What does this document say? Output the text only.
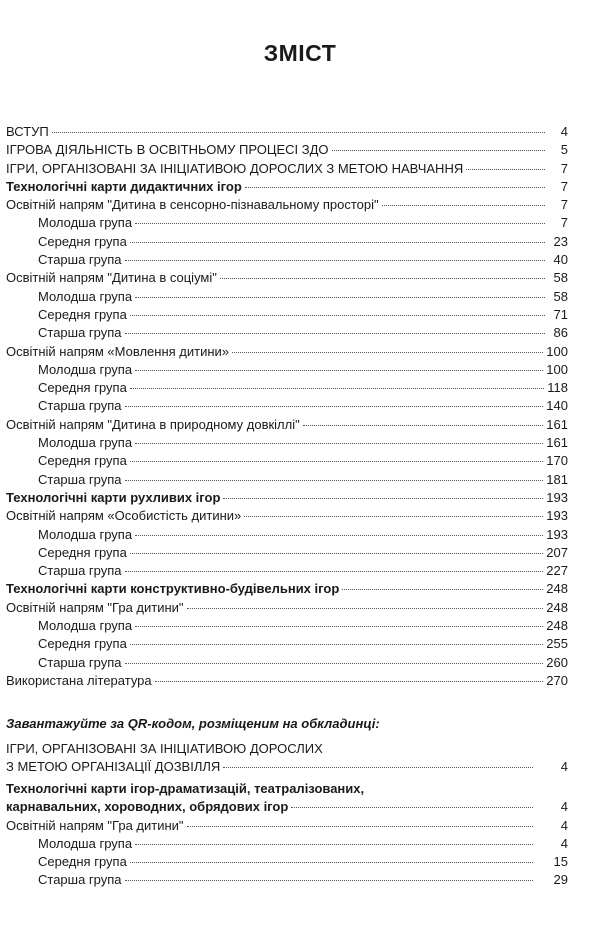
ЗМІСТ
ВСТУП	4
ІГРОВА ДІЯЛЬНІСТЬ В ОСВІТНЬОМУ ПРОЦЕСІ ЗДО	5
ІГРИ, ОРГАНІЗОВАНІ ЗА ІНІЦІАТИВОЮ ДОРОСЛИХ З МЕТОЮ НАВЧАННЯ	7
Технологічні карти дидактичних ігор	7
Освітній напрям "Дитина в сенсорно-пізнавальному просторі"	7
Молодша група	7
Середня група	23
Старша група	40
Освітній напрям "Дитина в соціумі"	58
Молодша група	58
Середня група	71
Старша група	86
Освітній напрям «Мовлення дитини»	100
Молодша група	100
Середня група	118
Старша група	140
Освітній напрям "Дитина в природному довкіллі"	161
Молодша група	161
Середня група	170
Старша група	181
Технологічні карти рухливих ігор	193
Освітній напрям «Особистість дитини»	193
Молодша група	193
Середня група	207
Старша група	227
Технологічні карти конструктивно-будівельних ігор	248
Освітній напрям "Гра дитини"	248
Молодша група	248
Середня група	255
Старша група	260
Використана література	270
Завантажуйте за QR-кодом, розміщеним на обкладинці:
ІГРИ, ОРГАНІЗОВАНІ ЗА ІНІЦІАТИВОЮ ДОРОСЛИХ
З МЕТОЮ ОРГАНІЗАЦІЇ ДОЗВІЛЛЯ	4
Технологічні карти ігор-драматизацій, театралізованих,
карнавальних, хороводних, обрядових ігор	4
Освітній напрям "Гра дитини"	4
Молодша група	4
Середня група	15
Старша група	29
